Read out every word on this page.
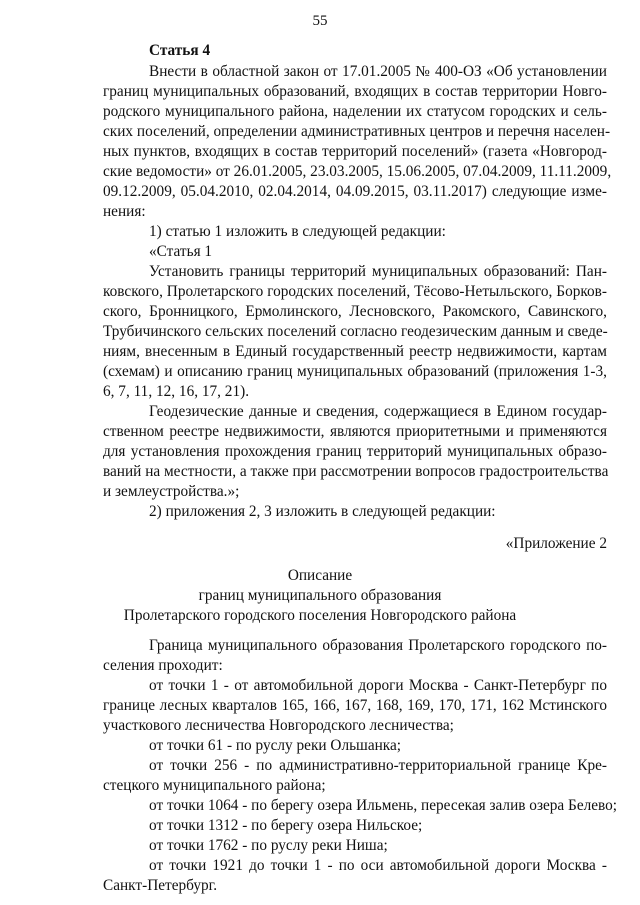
55
Статья 4
Внести в областной закон от 17.01.2005 № 400-ОЗ «Об установлении
границ муниципальных образований, входящих в состав территории Новго-
родского муниципального района, наделении их статусом городских и сель-
ских поселений, определении административных центров и перечня населен-
ных пунктов, входящих в состав территорий поселений» (газета «Новгород-
ские ведомости» от 26.01.2005, 23.03.2005, 15.06.2005, 07.04.2009, 11.11.2009,
09.12.2009, 05.04.2010, 02.04.2014, 04.09.2015, 03.11.2017) следующие изме-
нения:
1) статью 1 изложить в следующей редакции:
«Статья 1
Установить границы территорий муниципальных образований: Пан-
ковского, Пролетарского городских поселений, Тёсово-Нетыльского, Борков-
ского, Бронницкого, Ермолинского, Лесновского, Ракомского, Савинского,
Трубичинского сельских поселений согласно геодезическим данным и сведе-
ниям, внесенным в Единый государственный реестр недвижимости, картам
(схемам) и описанию границ муниципальных образований (приложения 1-3,
6, 7, 11, 12, 16, 17, 21).
Геодезические данные и сведения, содержащиеся в Едином государ-
ственном реестре недвижимости, являются приоритетными и применяются
для установления прохождения границ территорий муниципальных образо-
ваний на местности, а также при рассмотрении вопросов градостроительства
и землеустройства.»;
2) приложения 2, 3 изложить в следующей редакции:
«Приложение 2
Описание
границ муниципального образования
Пролетарского городского поселения Новгородского района
Граница муниципального образования Пролетарского городского по-
селения проходит:
от точки 1 - от автомобильной дороги Москва - Санкт-Петербург по
границе лесных кварталов 165, 166, 167, 168, 169, 170, 171, 162 Мстинского
участкового лесничества Новгородского лесничества;
от точки 61 - по руслу реки Ольшанка;
от точки 256 - по административно-территориальной границе Кре-
стецкого муниципального района;
от точки 1064 - по берегу озера Ильмень, пересекая залив озера Белево;
от точки 1312 - по берегу озера Нильское;
от точки 1762 - по руслу реки Ниша;
от точки 1921 до точки 1 - по оси автомобильной дороги Москва -
Санкт-Петербург.
